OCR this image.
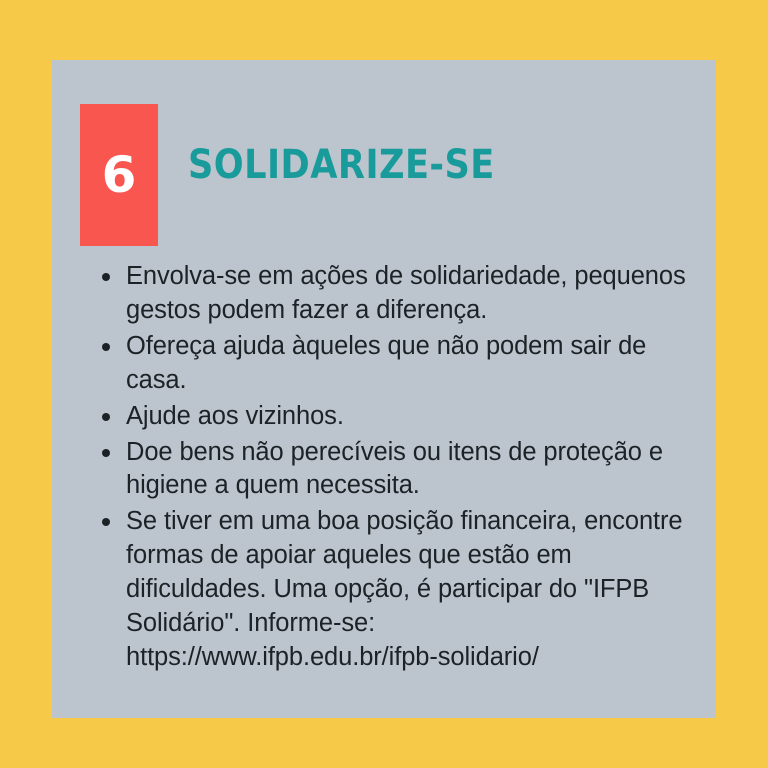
6	SOLIDARIZE-SE
Envolva-se em ações de solidariedade, pequenos gestos podem fazer a diferença.
Ofereça ajuda àqueles que não podem sair de casa.
Ajude aos vizinhos.
Doe bens não perecíveis ou itens de proteção e higiene a quem necessita.
Se tiver em uma boa posição financeira, encontre formas de apoiar aqueles que estão em dificuldades. Uma opção, é participar do "IFPB Solidário". Informe-se: https://www.ifpb.edu.br/ifpb-solidario/
